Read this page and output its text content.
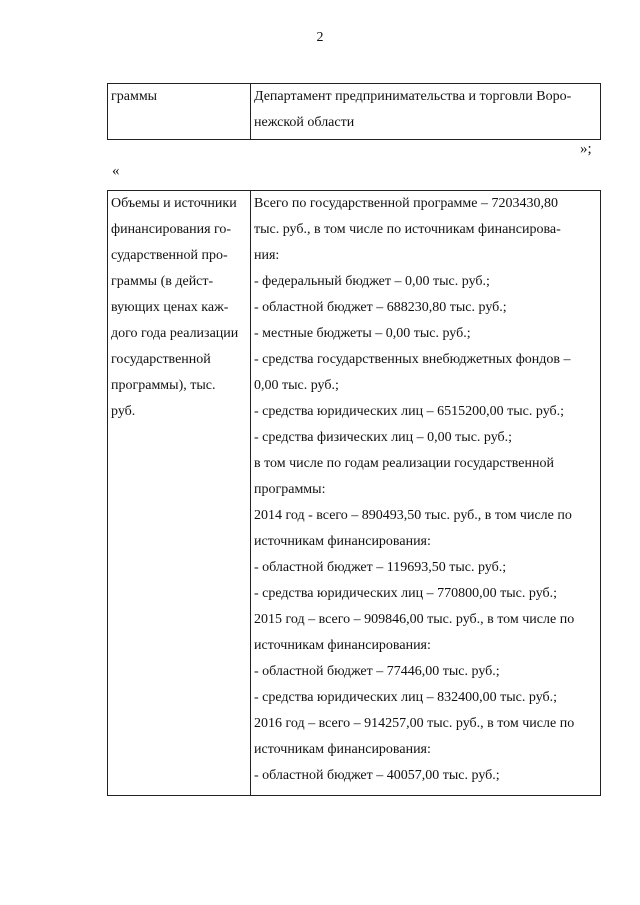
2
граммы	Департамент предпринимательства и торговли Воро-
нежской области
»;
«
Объемы и источники
финансирования го-
сударственной про-
граммы (в дейст-
вующих ценах каж-
дого года реализации
государственной
программы), тыс.
руб.
Всего по государственной программе – 7203430,80
тыс. руб., в том числе по источникам финансирова-
ния:
- федеральный бюджет – 0,00 тыс. руб.;
- областной бюджет – 688230,80 тыс. руб.;
- местные бюджеты – 0,00 тыс. руб.;
- средства государственных внебюджетных фондов –
0,00 тыс. руб.;
- средства юридических лиц – 6515200,00 тыс. руб.;
- средства физических лиц – 0,00 тыс. руб.;
в том числе по годам реализации государственной
программы:
2014 год - всего – 890493,50 тыс. руб., в том числе по
источникам финансирования:
- областной бюджет – 119693,50 тыс. руб.;
- средства юридических лиц – 770800,00 тыс. руб.;
2015 год – всего – 909846,00 тыс. руб., в том числе по
источникам финансирования:
- областной бюджет – 77446,00 тыс. руб.;
- средства юридических лиц – 832400,00 тыс. руб.;
2016 год – всего – 914257,00 тыс. руб., в том числе по
источникам финансирования:
- областной бюджет – 40057,00 тыс. руб.;
